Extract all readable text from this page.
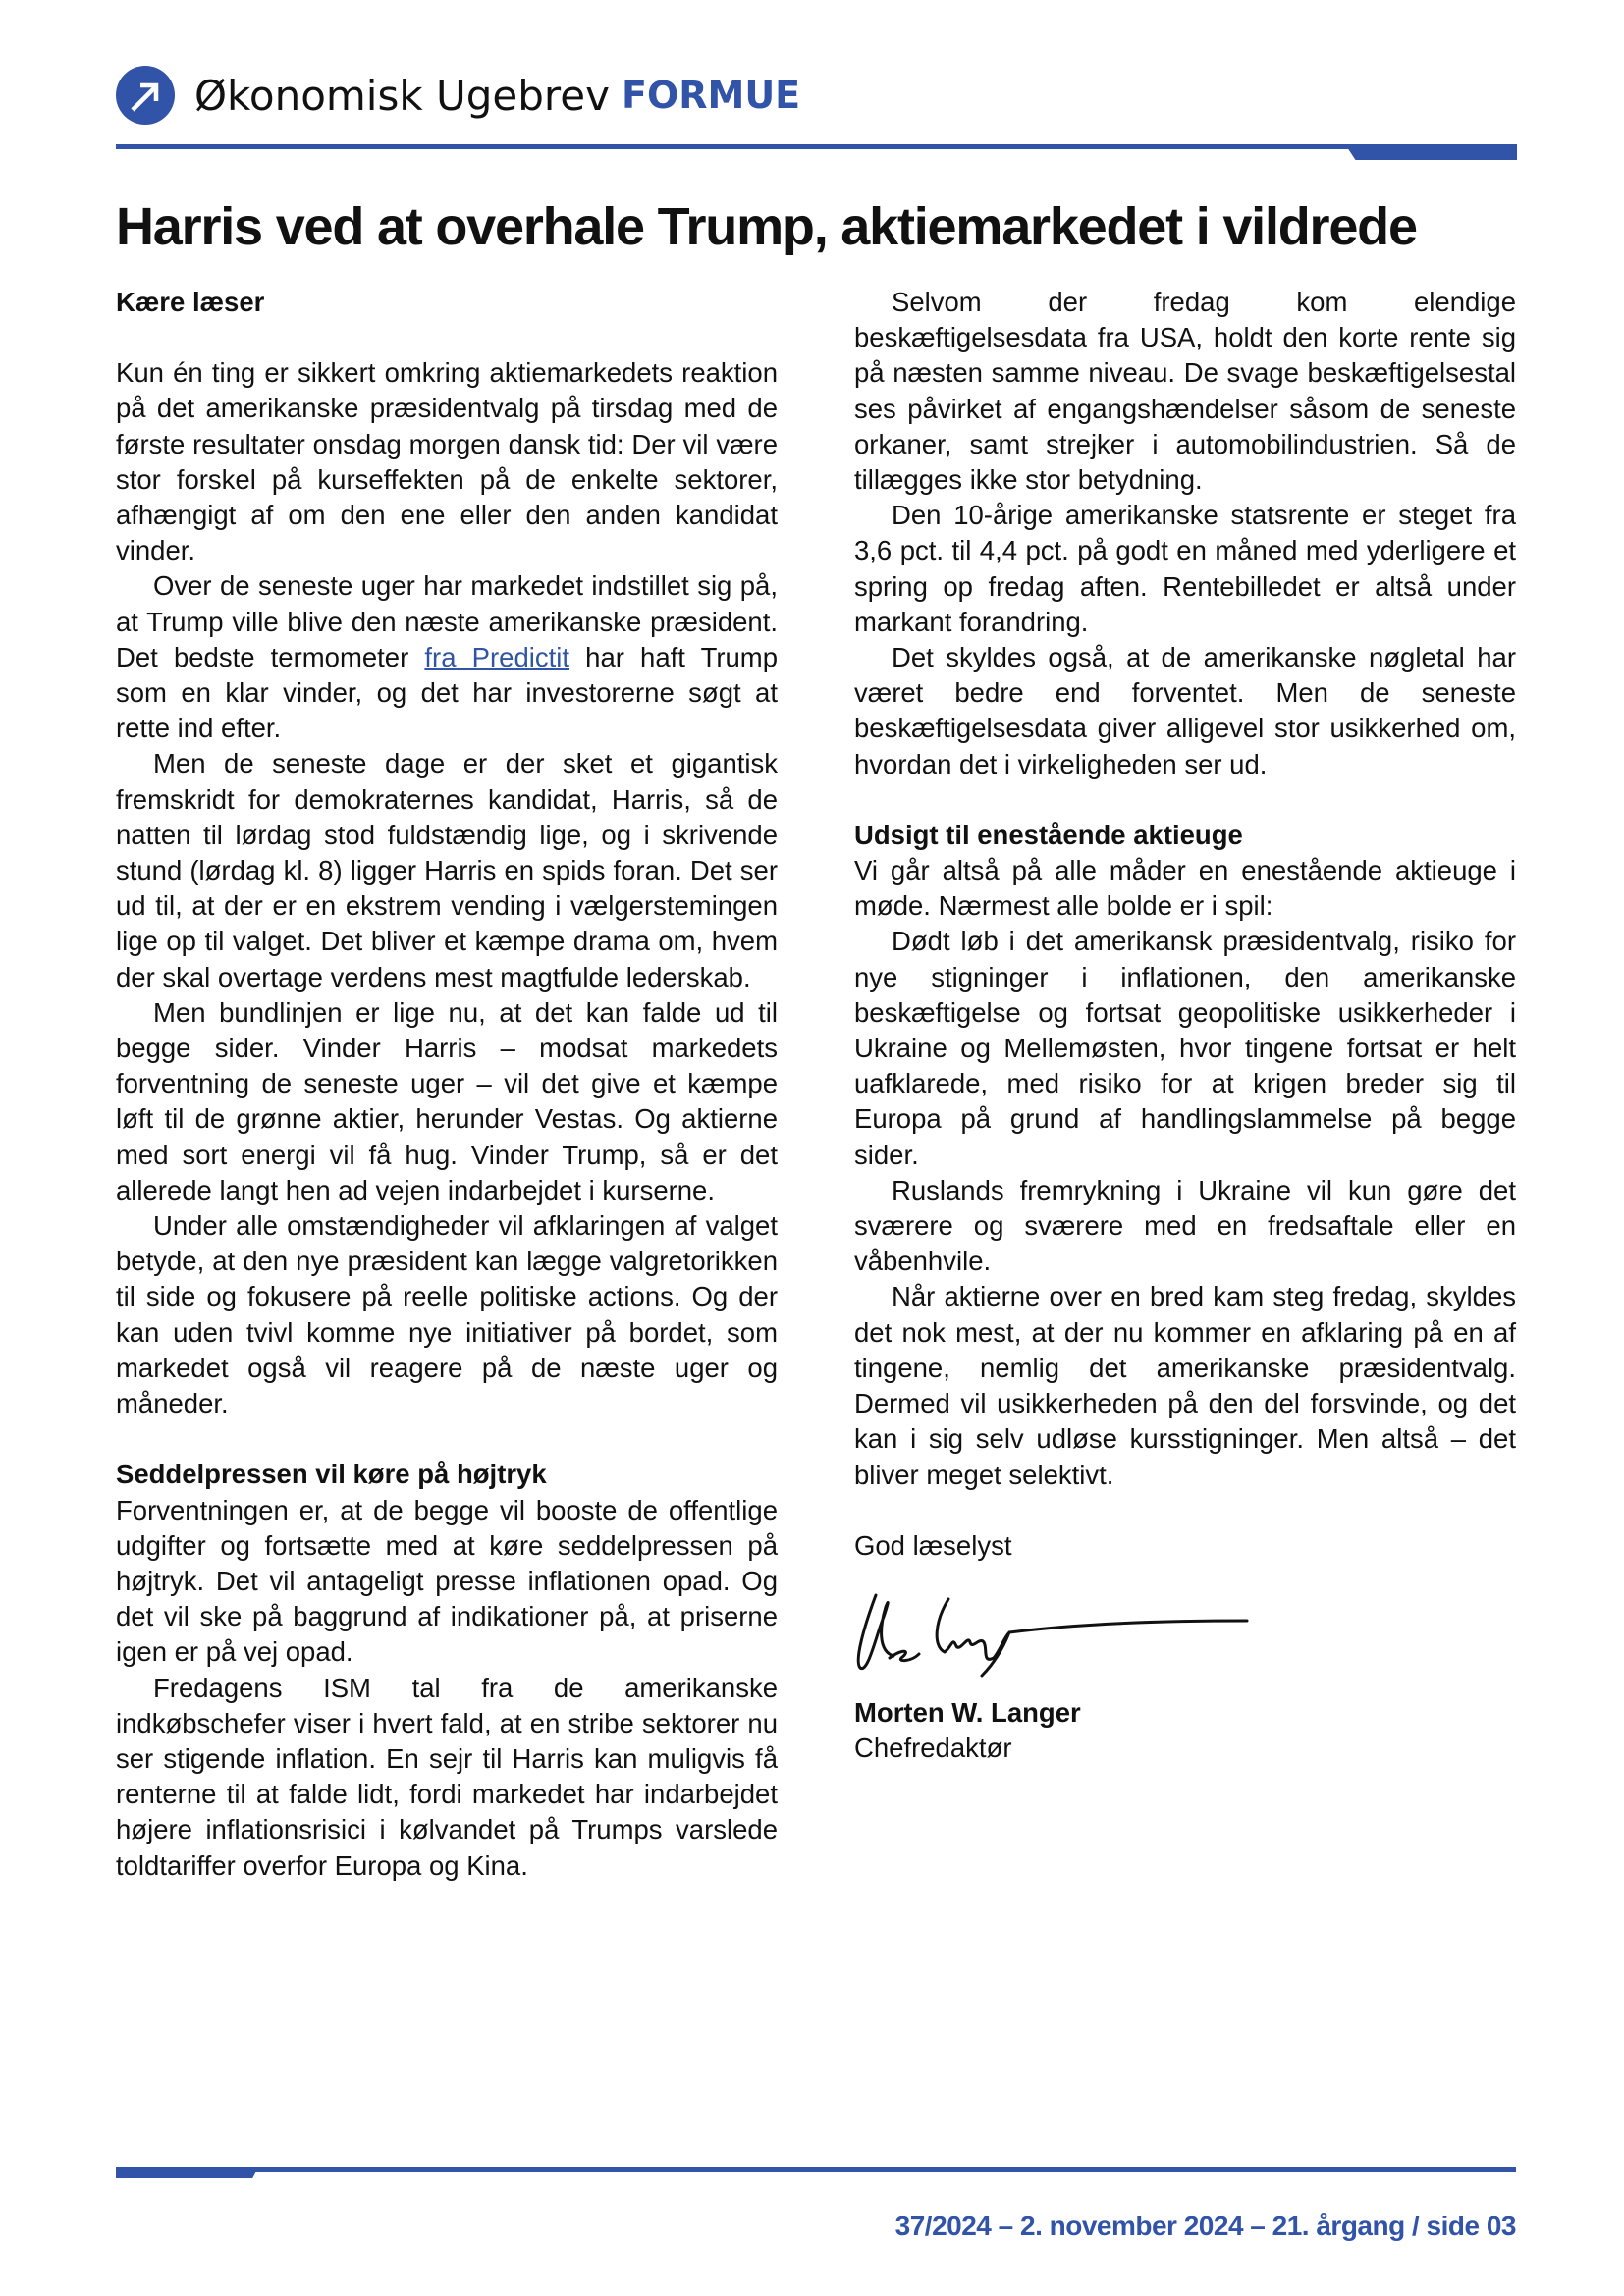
Økonomisk Ugebrev FORMUE
Harris ved at overhale Trump, aktiemarkedet i vildrede
Kære læser

Kun én ting er sikkert omkring aktiemarkedets reaktion på det amerikanske præsidentvalg på tirsdag med de første resultater onsdag morgen dansk tid: Der vil være stor forskel på kurseffekten på de enkelte sektorer, afhængigt af om den ene eller den anden kandidat vinder.

Over de seneste uger har markedet indstillet sig på, at Trump ville blive den næste amerikanske præsident. Det bedste termometer fra Predictit har haft Trump som en klar vinder, og det har investorerne søgt at rette ind efter.

Men de seneste dage er der sket et gigantisk fremskridt for demokraternes kandidat, Harris, så de natten til lørdag stod fuldstændig lige, og i skrivende stund (lørdag kl. 8) ligger Harris en spids foran. Det ser ud til, at der er en ekstrem vending i vælgerstemingen lige op til valget. Det bliver et kæmpe drama om, hvem der skal overtage verdens mest magtfulde lederskab.

Men bundlinjen er lige nu, at det kan falde ud til begge sider. Vinder Harris – modsat markedets forventning de seneste uger – vil det give et kæmpe løft til de grønne aktier, herunder Vestas. Og aktierne med sort energi vil få hug. Vinder Trump, så er det allerede langt hen ad vejen indarbejdet i kurserne.

Under alle omstændigheder vil afklaringen af valget betyde, at den nye præsident kan lægge valgretorikken til side og fokusere på reelle politiske actions. Og der kan uden tvivl komme nye initiativer på bordet, som markedet også vil reagere på de næste uger og måneder.

Seddelpressen vil køre på højtryk

Forventningen er, at de begge vil booste de offentlige udgifter og fortsætte med at køre seddelpressen på højtryk. Det vil antageligt presse inflationen opad. Og det vil ske på baggrund af indikationer på, at priserne igen er på vej opad.

Fredagens ISM tal fra de amerikanske indkøbschefer viser i hvert fald, at en stribe sektorer nu ser stigende inflation. En sejr til Harris kan muligvis få renterne til at falde lidt, fordi markedet har indarbejdet højere inflationsrisici i kølvandet på Trumps varslede toldtariffer overfor Europa og Kina.

Selvom der fredag kom elendige beskæftigelsesdata fra USA, holdt den korte rente sig på næsten samme niveau. De svage beskæftigelsestal ses påvirket af engangshændelser såsom de seneste orkaner, samt strejker i automobilindustrien. Så de tillægges ikke stor betydning.

Den 10-årige amerikanske statsrente er steget fra 3,6 pct. til 4,4 pct. på godt en måned med yderligere et spring op fredag aften. Rentebilledet er altså under markant forandring.

Det skyldes også, at de amerikanske nøgletal har været bedre end forventet. Men de seneste beskæftigelsesdata giver alligevel stor usikkerhed om, hvordan det i virkeligheden ser ud.

Udsigt til enestående aktieuge

Vi går altså på alle måder en enestående aktieuge i møde. Nærmest alle bolde er i spil:

Dødt løb i det amerikansk præsidentvalg, risiko for nye stigninger i inflationen, den amerikanske beskæftigelse og fortsat geopolitiske usikkerheder i Ukraine og Mellemøsten, hvor tingene fortsat er helt uafklarede, med risiko for at krigen breder sig til Europa på grund af handlingslammelse på begge sider.

Ruslands fremrykning i Ukraine vil kun gøre det sværere og sværere med en fredsaftale eller en våbenhvile.

Når aktierne over en bred kam steg fredag, skyldes det nok mest, at der nu kommer en afklaring på en af tingene, nemlig det amerikanske præsidentvalg. Dermed vil usikkerheden på den del forsvinde, og det kan i sig selv udløse kursstigninger. Men altså – det bliver meget selektivt.

God læselyst

Morten W. Langer

Chefredaktør

37/2024 – 2. november 2024 – 21. årgang / side 03
